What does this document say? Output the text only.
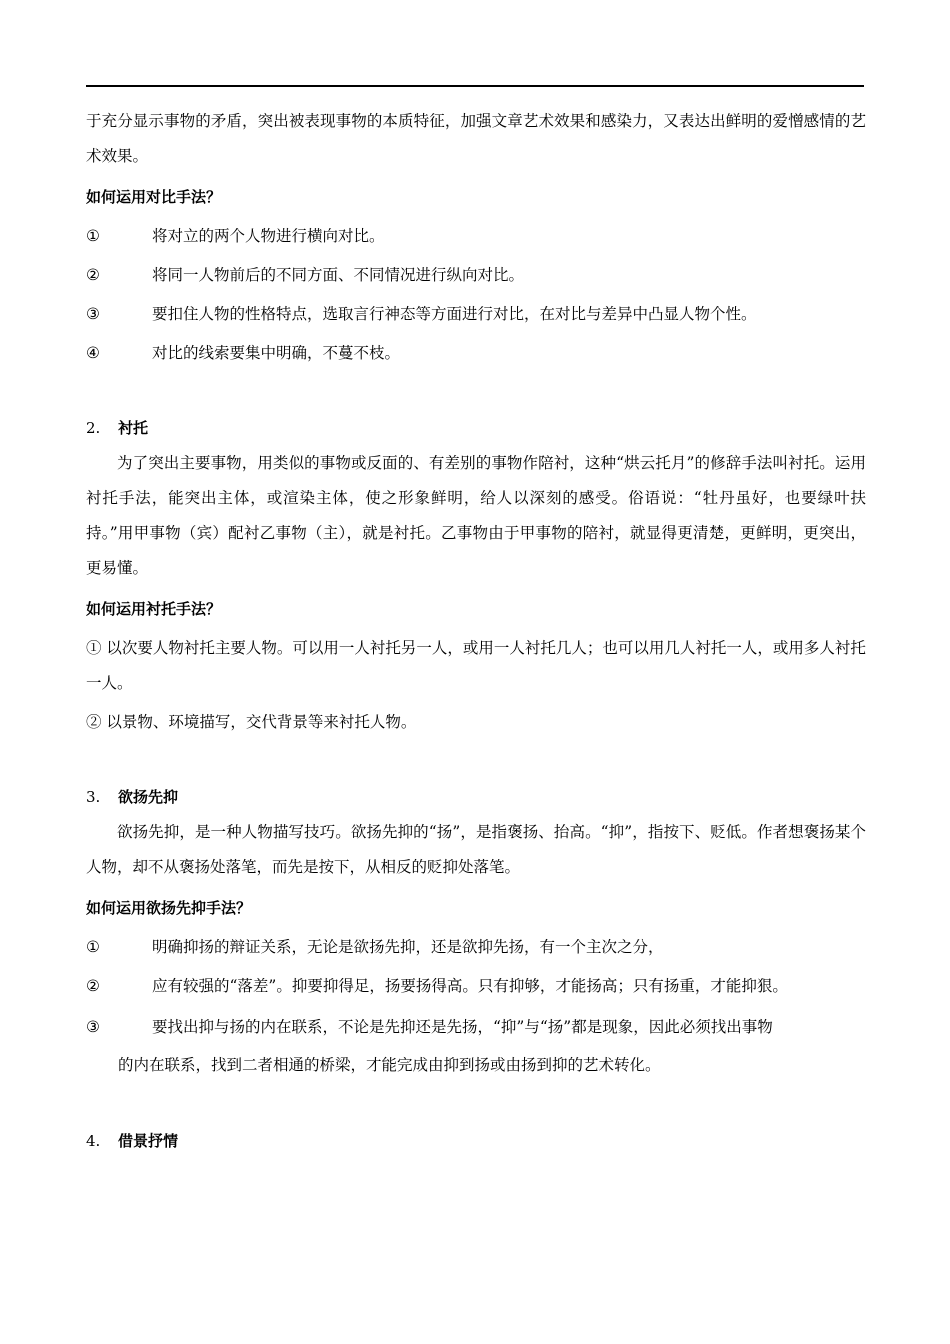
于充分显示事物的矛盾，突出被表现事物的本质特征，加强文章艺术效果和感染力，又表达出鲜明的爱憎感情的艺术效果。

如何运用对比手法？

①	将对立的两个人物进行横向对比。
②	将同一人物前后的不同方面、不同情况进行纵向对比。
③	要扣住人物的性格特点，选取言行神态等方面进行对比，在对比与差异中凸显人物个性。
④	对比的线索要集中明确，不蔓不枝。
2.	衬托

为了突出主要事物，用类似的事物或反面的、有差别的事物作陪衬，这种“烘云托月”的修辞手法叫衬托。运用衬托手法，能突出主体，或渲染主体，使之形象鲜明，给人以深刻的感受。俗语说：“牡丹虽好，也要绿叶扶持。”用甲事物（宾）配衬乙事物（主），就是衬托。乙事物由于甲事物的陪衬，就显得更清楚，更鲜明，更突出，更易懂。

如何运用衬托手法？

① 以次要人物衬托主要人物。可以用一人衬托另一人，或用一人衬托几人；也可以用几人衬托一人，或用多人衬托一人。

② 以景物、环境描写，交代背景等来衬托人物。

3.	欲扬先抑

欲扬先抑，是一种人物描写技巧。欲扬先抑的“扬”，是指褒扬、抬高。“抑”，指按下、贬低。作者想褒扬某个人物，却不从褒扬处落笔，而先是按下，从相反的贬抑处落笔。

如何运用欲扬先抑手法？

①	明确抑扬的辩证关系，无论是欲扬先抑，还是欲抑先扬，有一个主次之分，
②	应有较强的“落差”。抑要抑得足，扬要扬得高。只有抑够，才能扬高；只有扬重，才能抑狠。
③	要找出抑与扬的内在联系，不论是先抑还是先扬，“抑”与“扬”都是现象，因此必须找出事物
的内在联系，找到二者相通的桥梁，才能完成由抑到扬或由扬到抑的艺术转化。
4.	借景抒情
